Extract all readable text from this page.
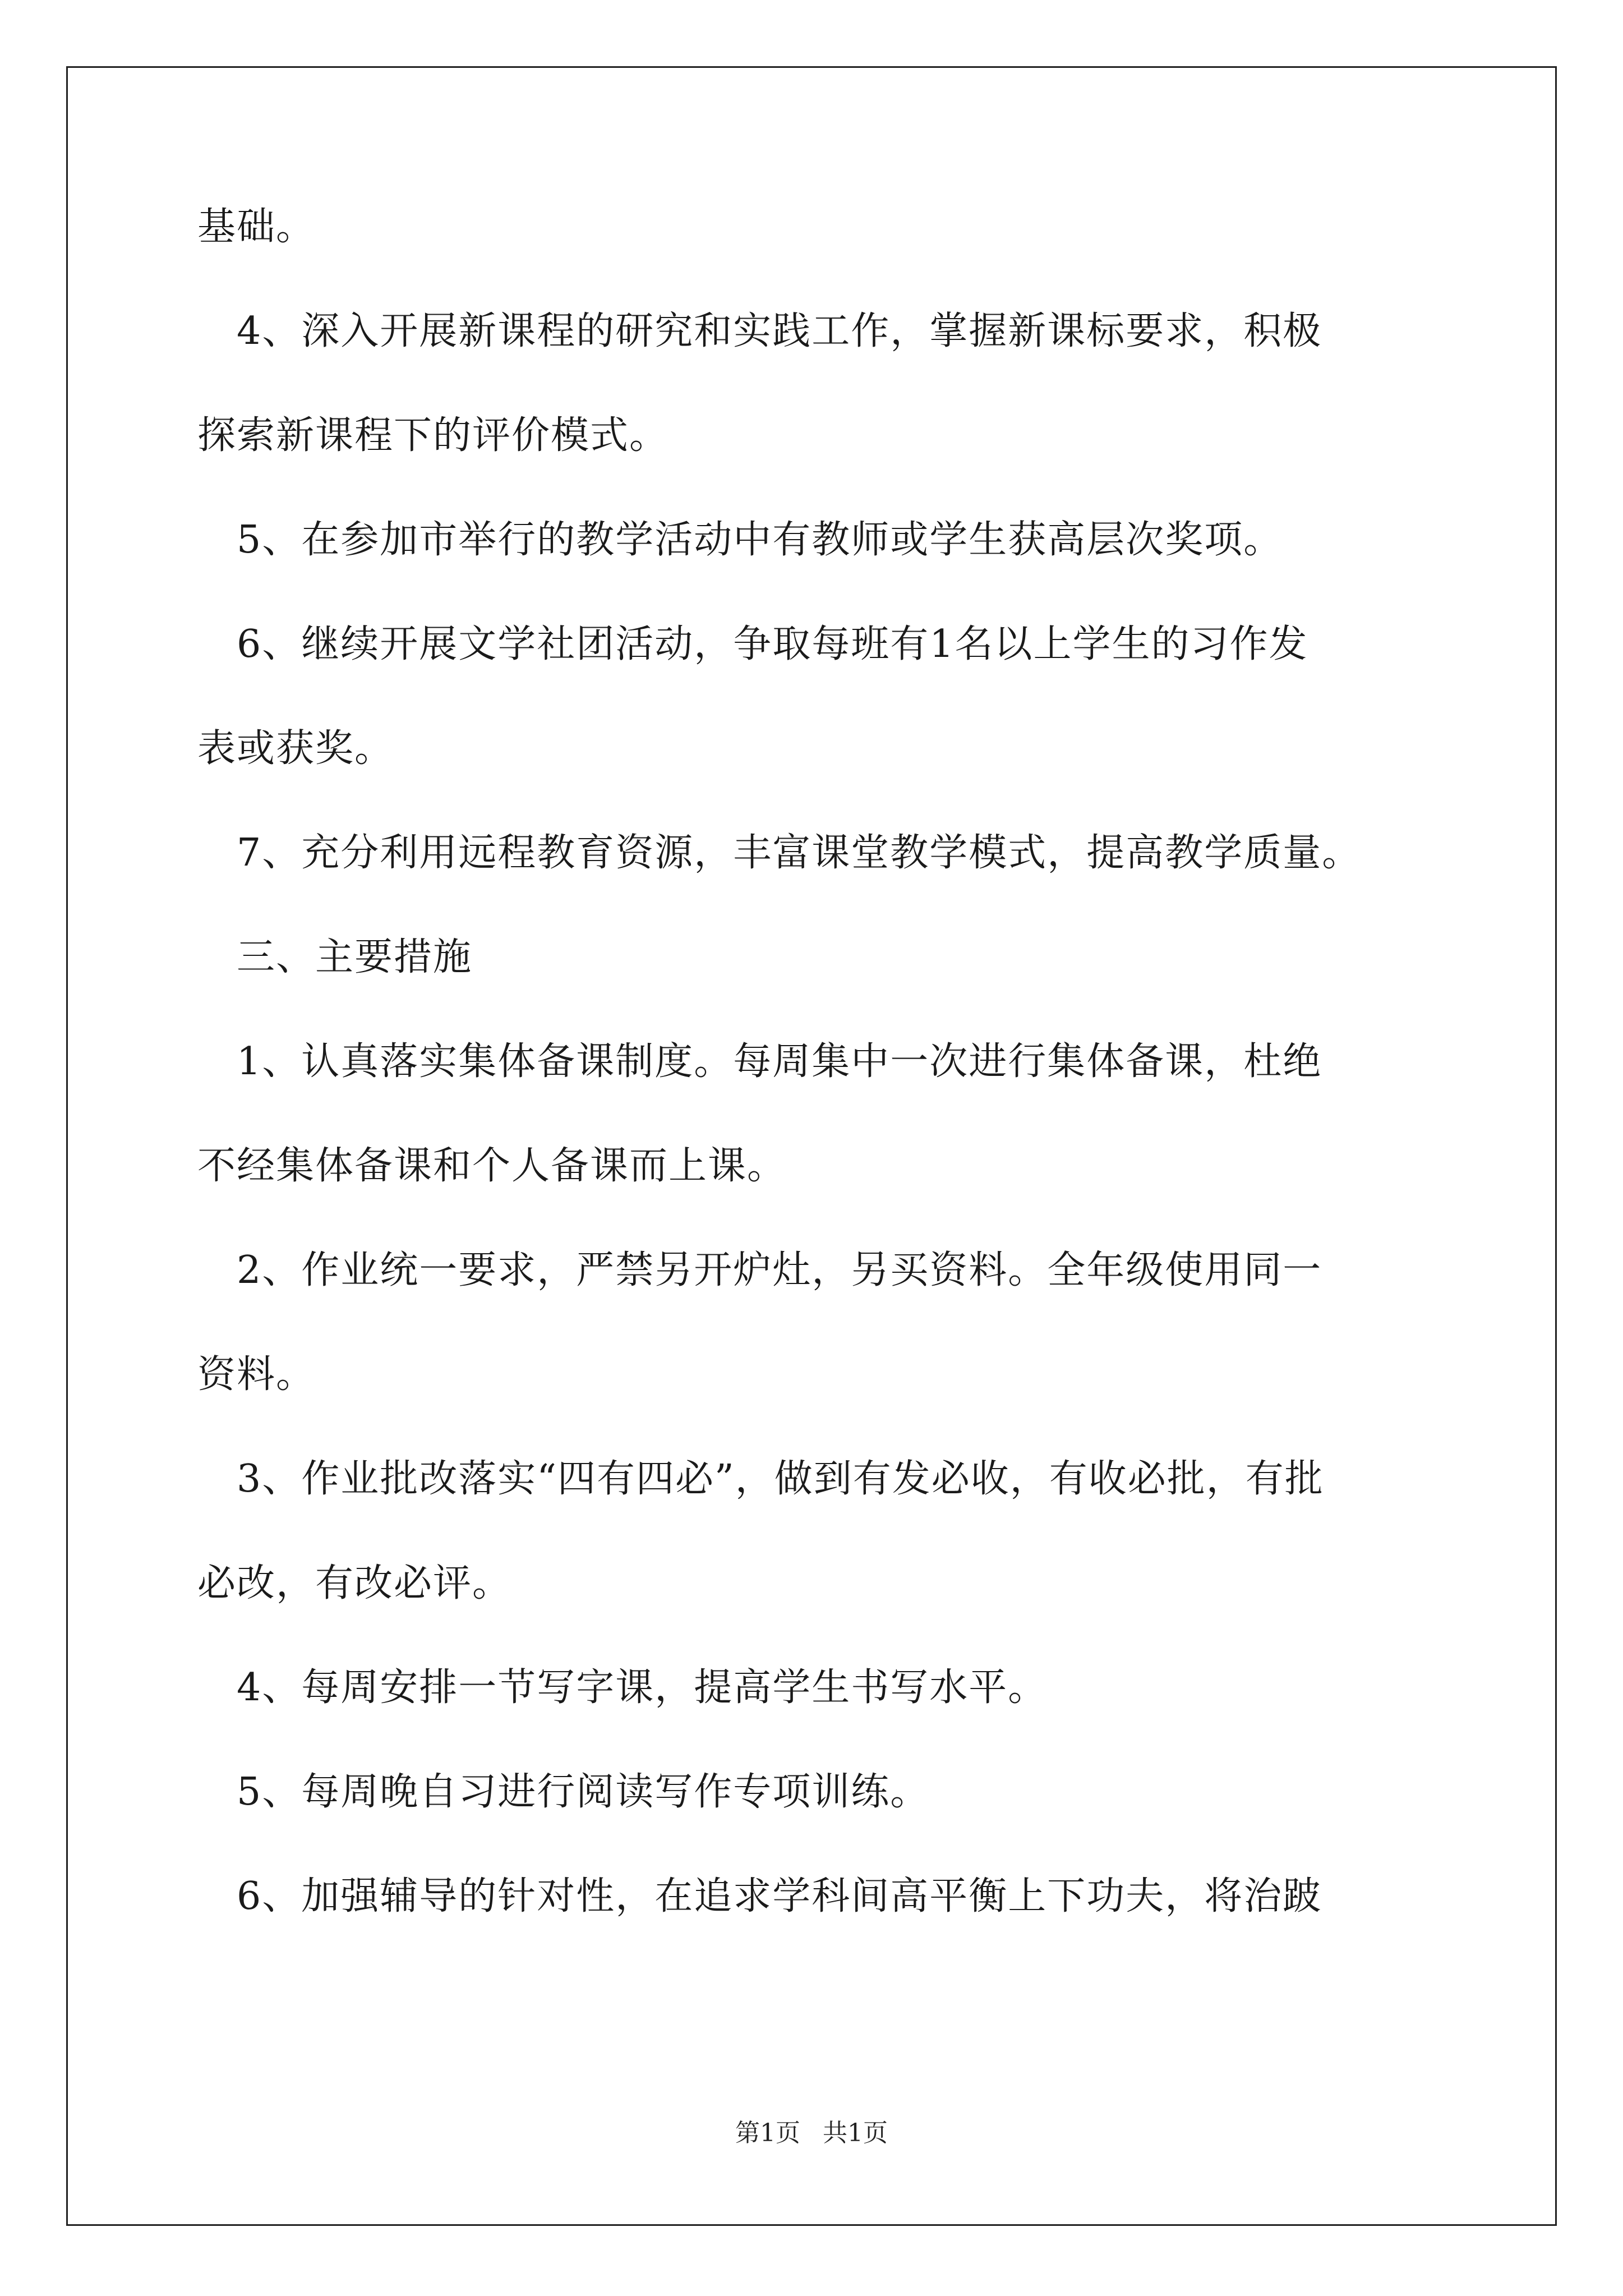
基础。
　4、深入开展新课程的研究和实践工作，掌握新课标要求，积极
探索新课程下的评价模式。
　5、在参加市举行的教学活动中有教师或学生获高层次奖项。
　6、继续开展文学社团活动，争取每班有1名以上学生的习作发
表或获奖。
　7、充分利用远程教育资源，丰富课堂教学模式，提高教学质量。
　三、主要措施
　1、认真落实集体备课制度。每周集中一次进行集体备课，杜绝
不经集体备课和个人备课而上课。
　2、作业统一要求，严禁另开炉灶，另买资料。全年级使用同一
资料。
　3、作业批改落实“四有四必”，做到有发必收，有收必批，有批
必改，有改必评。
　4、每周安排一节写字课，提高学生书写水平。
　5、每周晚自习进行阅读写作专项训练。
　6、加强辅导的针对性，在追求学科间高平衡上下功夫，将治跛
第1页 共1页
